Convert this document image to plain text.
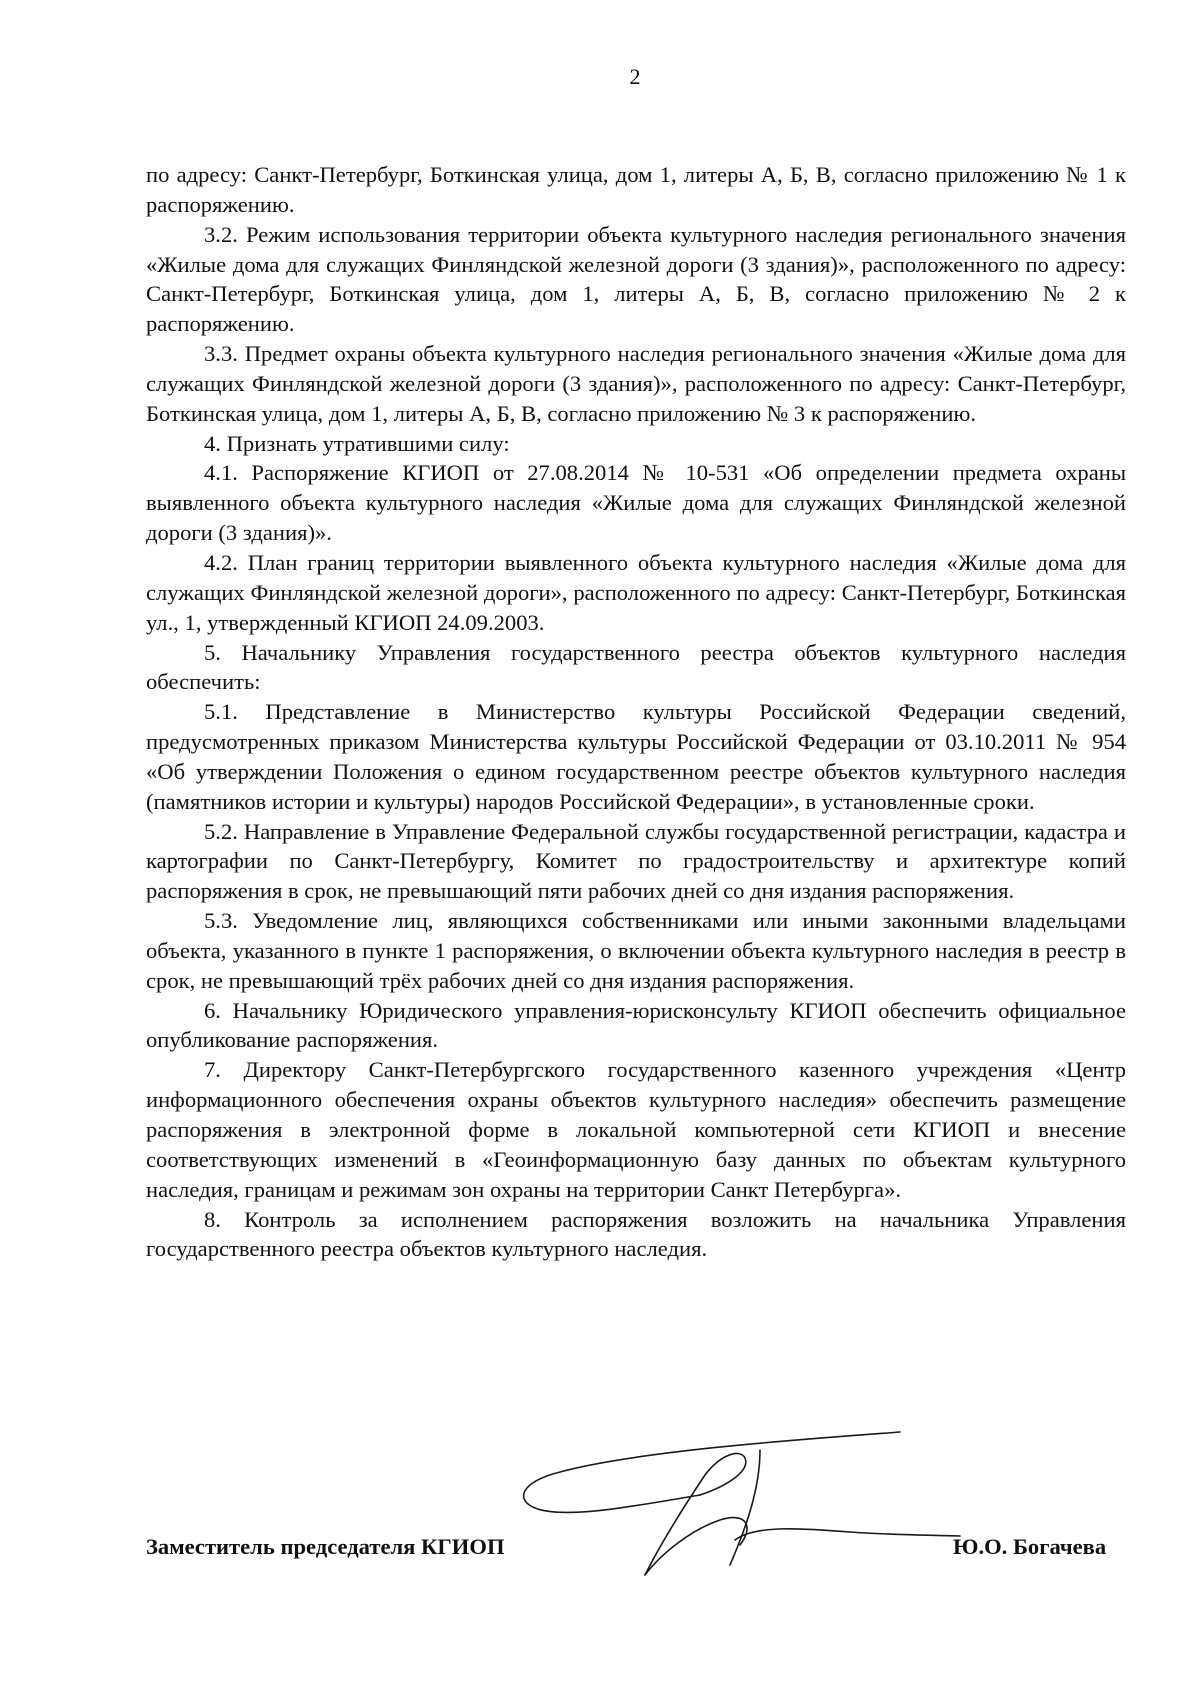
2

по адресу: Санкт-Петербург, Боткинская улица, дом 1, литеры А, Б, В, согласно приложению № 1 к распоряжению.

3.2. Режим использования территории объекта культурного наследия регионального значения «Жилые дома для служащих Финляндской железной дороги (3 здания)», расположенного по адресу: Санкт-Петербург, Боткинская улица, дом 1, литеры А, Б, В, согласно приложению № 2 к распоряжению.

3.3. Предмет охраны объекта культурного наследия регионального значения «Жилые дома для служащих Финляндской железной дороги (3 здания)», расположенного по адресу: Санкт-Петербург, Боткинская улица, дом 1, литеры А, Б, В, согласно приложению № 3 к распоряжению.

4. Признать утратившими силу:

4.1. Распоряжение КГИОП от 27.08.2014 № 10-531 «Об определении предмета охраны выявленного объекта культурного наследия «Жилые дома для служащих Финляндской железной дороги (3 здания)».

4.2. План границ территории выявленного объекта культурного наследия «Жилые дома для служащих Финляндской железной дороги», расположенного по адресу: Санкт-Петербург, Боткинская ул., 1, утвержденный КГИОП 24.09.2003.

5. Начальнику Управления государственного реестра объектов культурного наследия обеспечить:

5.1. Представление в Министерство культуры Российской Федерации сведений, предусмотренных приказом Министерства культуры Российской Федерации от 03.10.2011 № 954 «Об утверждении Положения о едином государственном реестре объектов культурного наследия (памятников истории и культуры) народов Российской Федерации», в установленные сроки.

5.2. Направление в Управление Федеральной службы государственной регистрации, кадастра и картографии по Санкт-Петербургу, Комитет по градостроительству и архитектуре копий распоряжения в срок, не превышающий пяти рабочих дней со дня издания распоряжения.

5.3. Уведомление лиц, являющихся собственниками или иными законными владельцами объекта, указанного в пункте 1 распоряжения, о включении объекта культурного наследия в реестр в срок, не превышающий трёх рабочих дней со дня издания распоряжения.

6. Начальнику Юридического управления-юрисконсульту КГИОП обеспечить официальное опубликование распоряжения.

7. Директору Санкт-Петербургского государственного казенного учреждения «Центр информационного обеспечения охраны объектов культурного наследия» обеспечить размещение распоряжения в электронной форме в локальной компьютерной сети КГИОП и внесение соответствующих изменений в «Геоинформационную базу данных по объектам культурного наследия, границам и режимам зон охраны на территории Санкт Петербурга».

8. Контроль за исполнением распоряжения возложить на начальника Управления государственного реестра объектов культурного наследия.

Заместитель председателя КГИОП	Ю.О. Богачева
